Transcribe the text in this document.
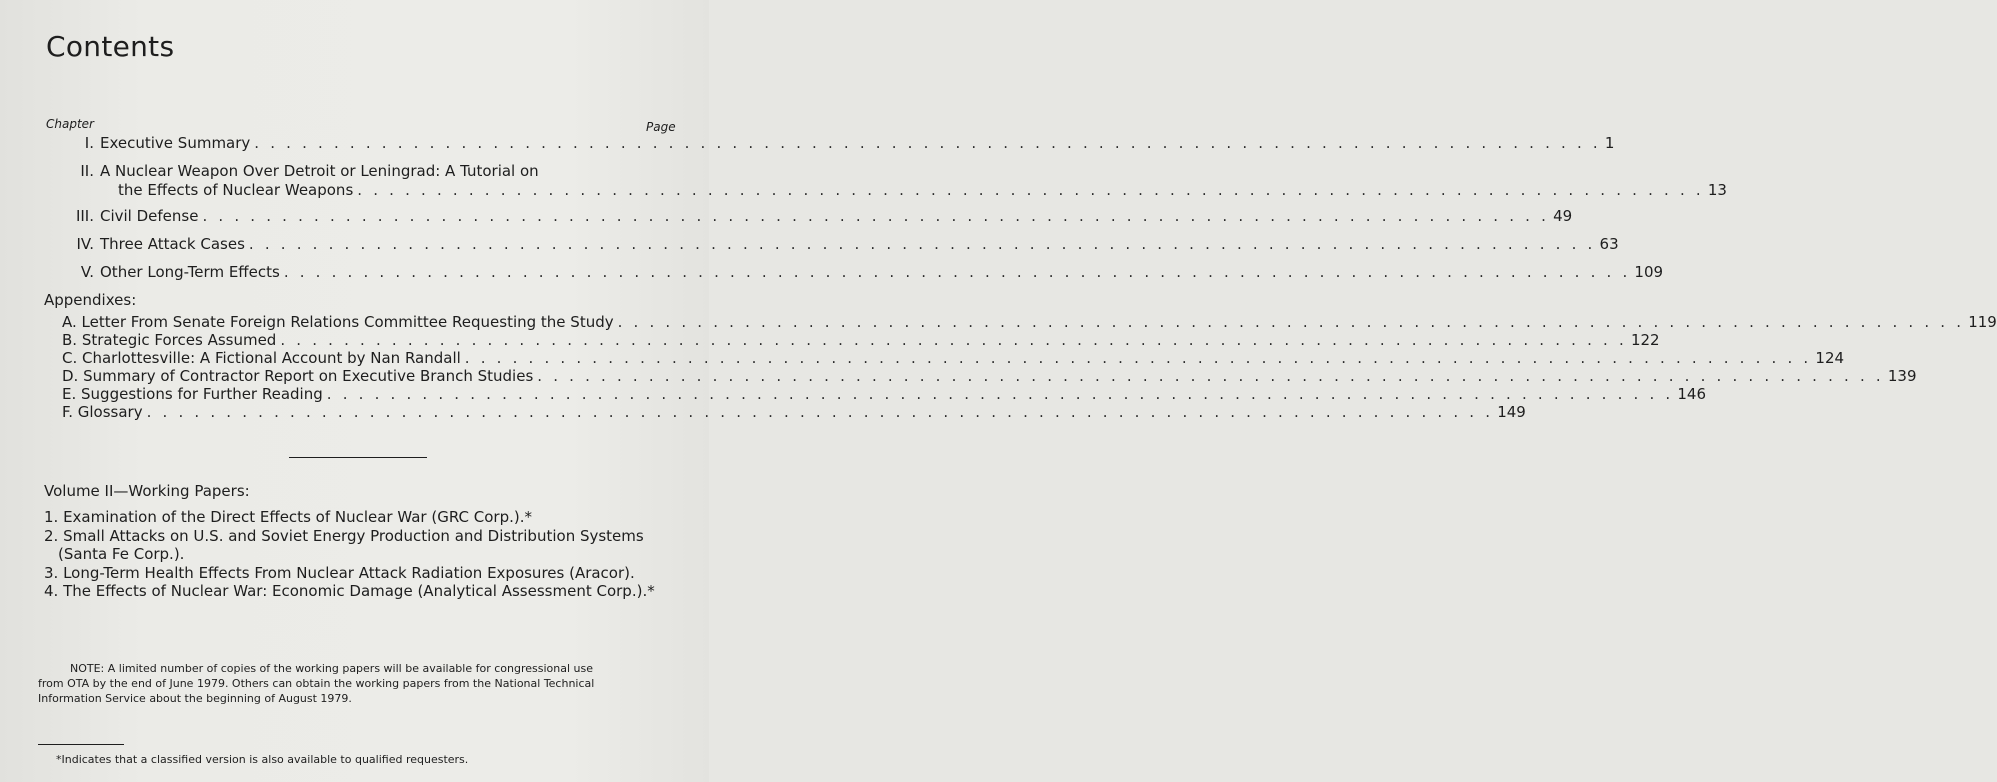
Contents
Chapter	Page
I. Executive Summary . . . . . . . . . . . . . . . . . . . . . . . . . . . . . . . . . . . . . . . . . . . . . . . . . . . . . . . . . . . . . . . . . . . . . . . . . . . . . . . . . . . . . 1
II. A Nuclear Weapon Over Detroit or Leningrad: A Tutorial on
the Effects of Nuclear Weapons . . . . . . . . . . . . . . . . . . . . . . . . . . . . . . . . . . . . . . . . . . . . . . . . . . . . . . . . . . . . . . . . . . . . . . . . . . . . . . . . . . . . . 13
III. Civil Defense . . . . . . . . . . . . . . . . . . . . . . . . . . . . . . . . . . . . . . . . . . . . . . . . . . . . . . . . . . . . . . . . . . . . . . . . . . . . . . . . . . . . . 49
IV. Three Attack Cases . . . . . . . . . . . . . . . . . . . . . . . . . . . . . . . . . . . . . . . . . . . . . . . . . . . . . . . . . . . . . . . . . . . . . . . . . . . . . . . . . . . . . 63
V. Other Long-Term Effects . . . . . . . . . . . . . . . . . . . . . . . . . . . . . . . . . . . . . . . . . . . . . . . . . . . . . . . . . . . . . . . . . . . . . . . . . . . . . . . . . . . . . 109
Appendixes:
A. Letter From Senate Foreign Relations Committee Requesting the Study . . . . . . . . . . . . . . . . . . . . . . . . . . . . . . . . . . . . . . . . . . . . . . . . . . . . . . . . . . . . . . . . . . . . . . . . . . . . . . . . . . . . . 119
B. Strategic Forces Assumed . . . . . . . . . . . . . . . . . . . . . . . . . . . . . . . . . . . . . . . . . . . . . . . . . . . . . . . . . . . . . . . . . . . . . . . . . . . . . . . . . . . . . 122
C. Charlottesville: A Fictional Account by Nan Randall . . . . . . . . . . . . . . . . . . . . . . . . . . . . . . . . . . . . . . . . . . . . . . . . . . . . . . . . . . . . . . . . . . . . . . . . . . . . . . . . . . . . . 124
D. Summary of Contractor Report on Executive Branch Studies . . . . . . . . . . . . . . . . . . . . . . . . . . . . . . . . . . . . . . . . . . . . . . . . . . . . . . . . . . . . . . . . . . . . . . . . . . . . . . . . . . . . . 139
E. Suggestions for Further Reading . . . . . . . . . . . . . . . . . . . . . . . . . . . . . . . . . . . . . . . . . . . . . . . . . . . . . . . . . . . . . . . . . . . . . . . . . . . . . . . . . . . . . 146
F. Glossary . . . . . . . . . . . . . . . . . . . . . . . . . . . . . . . . . . . . . . . . . . . . . . . . . . . . . . . . . . . . . . . . . . . . . . . . . . . . . . . . . . . . . 149
Volume II—Working Papers:
1. Examination of the Direct Effects of Nuclear War (GRC Corp.).*
2. Small Attacks on U.S. and Soviet Energy Production and Distribution Systems
(Santa Fe Corp.).
3. Long-Term Health Effects From Nuclear Attack Radiation Exposures (Aracor).
4. The Effects of Nuclear War: Economic Damage (Analytical Assessment Corp.).*
NOTE: A limited number of copies of the working papers will be available for congressional use
from OTA by the end of June 1979. Others can obtain the working papers from the National Technical
Information Service about the beginning of August 1979.
*Indicates that a classified version is also available to qualified requesters.
